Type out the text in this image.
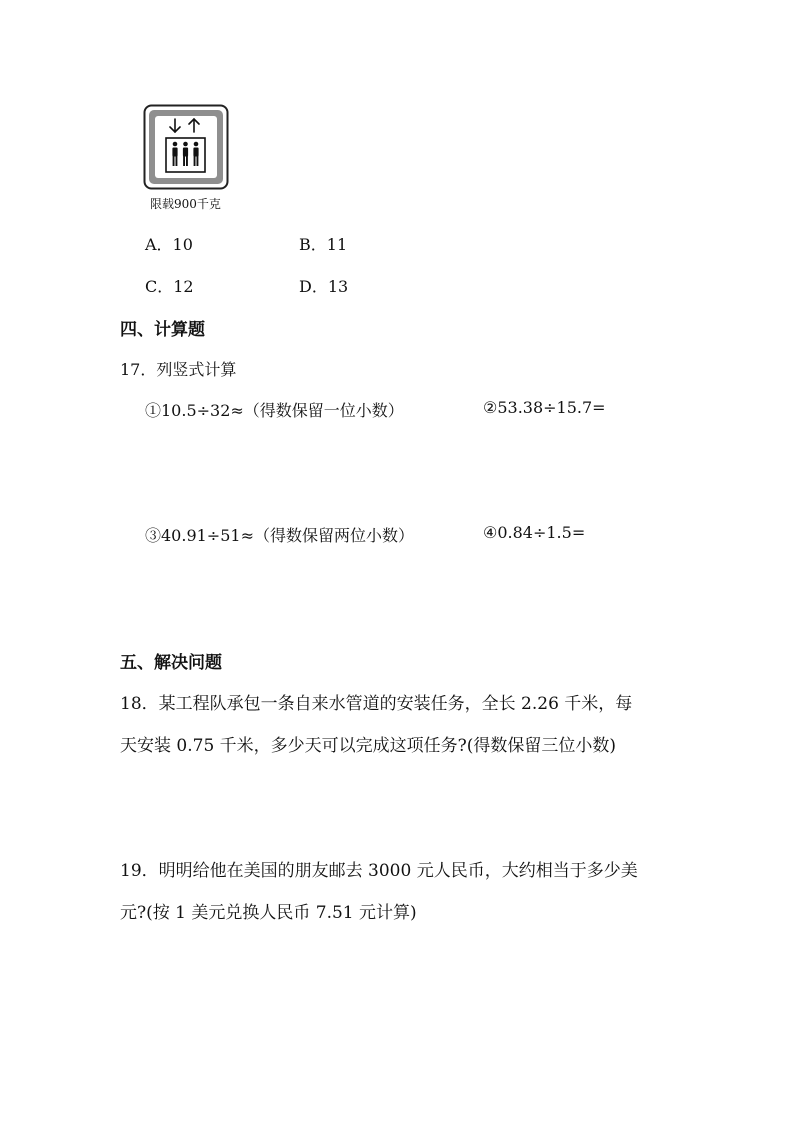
限载900千克
A．10	B．11
C．12	D．13
四、计算题
17．列竖式计算
①10.5÷32≈（得数保留一位小数）	②53.38÷15.7=
③40.91÷51≈（得数保留两位小数）	④0.84÷1.5=
五、解决问题
18．某工程队承包一条自来水管道的安装任务，全长 2.26 千米，每
天安装 0.75 千米，多少天可以完成这项任务?(得数保留三位小数)
19．明明给他在美国的朋友邮去 3000 元人民币，大约相当于多少美
元?(按 1 美元兑换人民币 7.51 元计算)
